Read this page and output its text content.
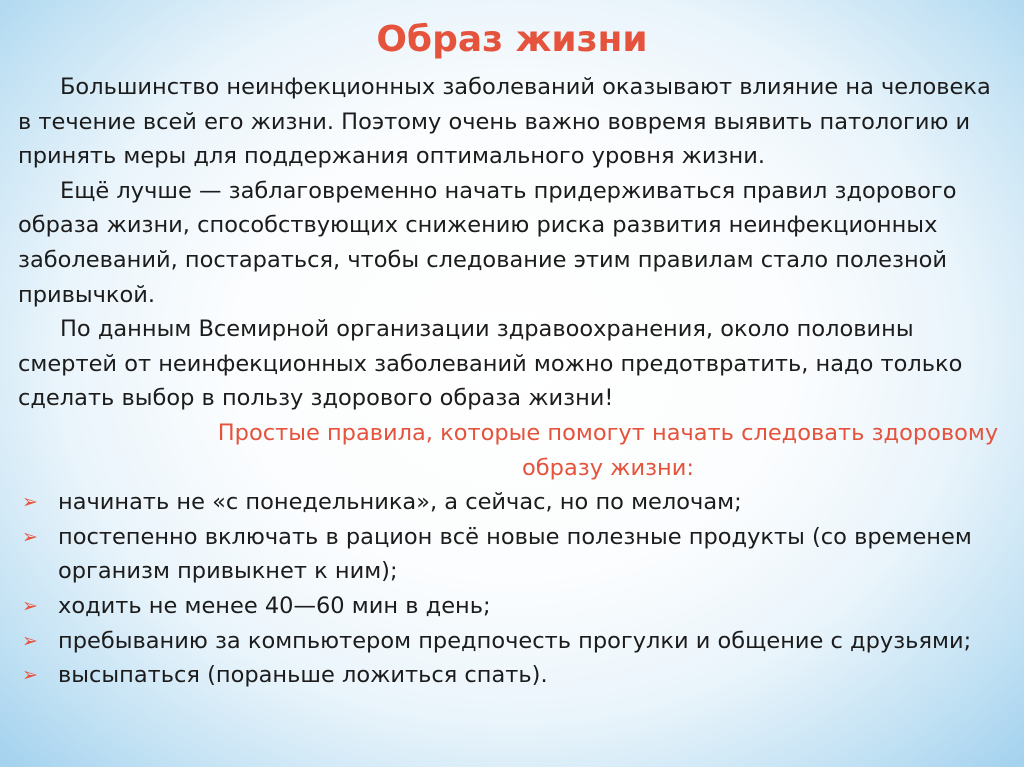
Образ жизни

Большинство неинфекционных заболеваний оказывают влияние на человека в течение всей его жизни. Поэтому очень важно вовремя выявить патологию и принять меры для поддержания оптимального уровня жизни.

Ещё лучше — заблаговременно начать придерживаться правил здорового образа жизни, способствующих снижению риска развития неинфекционных заболеваний, постараться, чтобы следование этим правилам стало полезной привычкой.

По данным Всемирной организации здравоохранения, около половины смертей от неинфекционных заболеваний можно предотвратить, надо только сделать выбор в пользу здорового образа жизни!

Простые правила, которые помогут начать следовать здоровому образу жизни:

➢ начинать не «с понедельника», а сейчас, но по мелочам;
➢ постепенно включать в рацион всё новые полезные продукты (со временем организм привыкнет к ним);
➢ ходить не менее 40—60 мин в день;
➢ пребыванию за компьютером предпочесть прогулки и общение с друзьями;
➢ высыпаться (пораньше ложиться спать).
